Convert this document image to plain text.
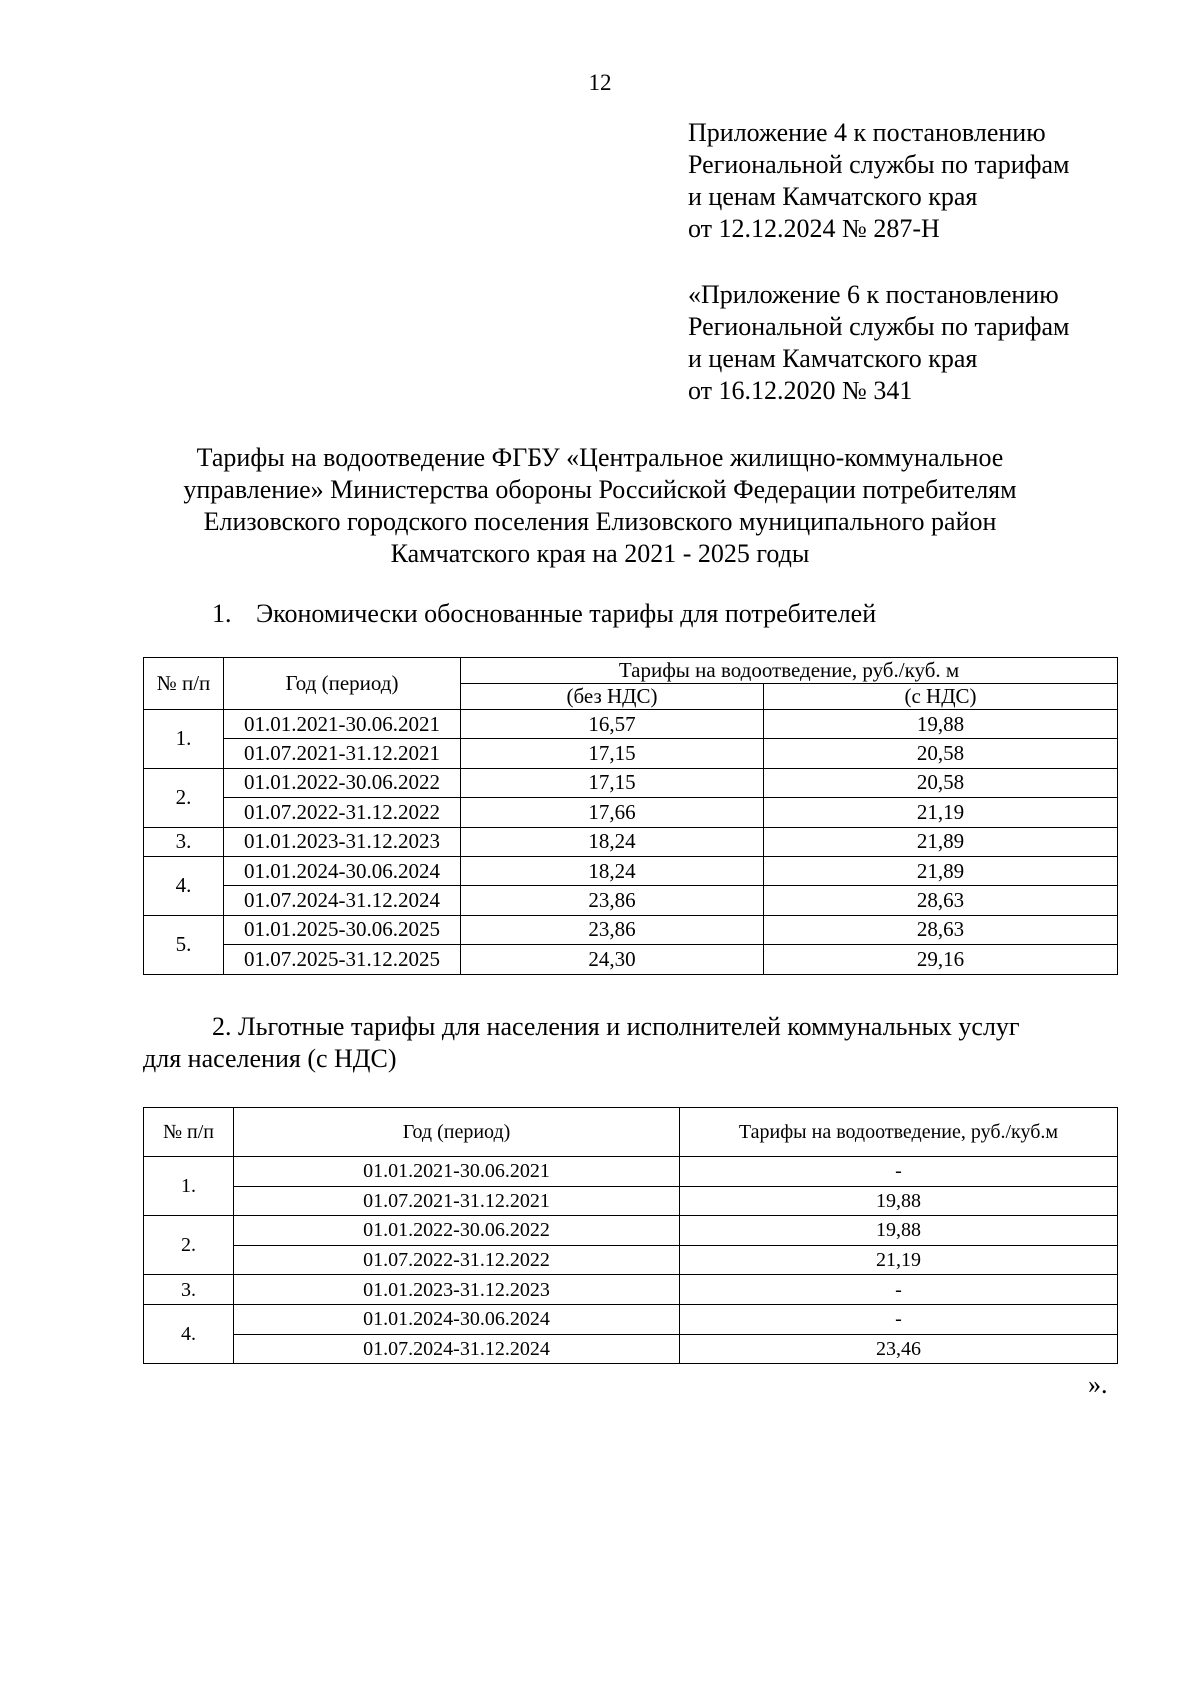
12
Приложение 4 к постановлению
Региональной службы по тарифам
и ценам Камчатского края
от 12.12.2024 № 287-Н
«Приложение 6 к постановлению
Региональной службы по тарифам
и ценам Камчатского края
от 16.12.2020 № 341
Тарифы на водоотведение ФГБУ «Центральное жилищно-коммунальное
управление» Министерства обороны Российской Федерации потребителям
Елизовского городского поселения Елизовского муниципального район
Камчатского края на 2021 - 2025 годы
1. Экономически обоснованные тарифы для потребителей
№ п/п	Год (период)	Тарифы на водоотведение, руб./куб. м	
		(без НДС)	(с НДС)
1.	01.01.2021-30.06.2021	16,57	19,88
	01.07.2021-31.12.2021	17,15	20,58
2.	01.01.2022-30.06.2022	17,15	20,58
	01.07.2022-31.12.2022	17,66	21,19
3.	01.01.2023-31.12.2023	18,24	21,89
4.	01.01.2024-30.06.2024	18,24	21,89
	01.07.2024-31.12.2024	23,86	28,63
5.	01.01.2025-30.06.2025	23,86	28,63
	01.07.2025-31.12.2025	24,30	29,16
2. Льготные тарифы для населения и исполнителей коммунальных услуг
для населения (с НДС)
№ п/п	Год (период)	Тарифы на водоотведение, руб./куб.м
1.	01.01.2021-30.06.2021	-
	01.07.2021-31.12.2021	19,88
2.	01.01.2022-30.06.2022	19,88
	01.07.2022-31.12.2022	21,19
3.	01.01.2023-31.12.2023	-
4.	01.01.2024-30.06.2024	-
	01.07.2024-31.12.2024	23,46
».
